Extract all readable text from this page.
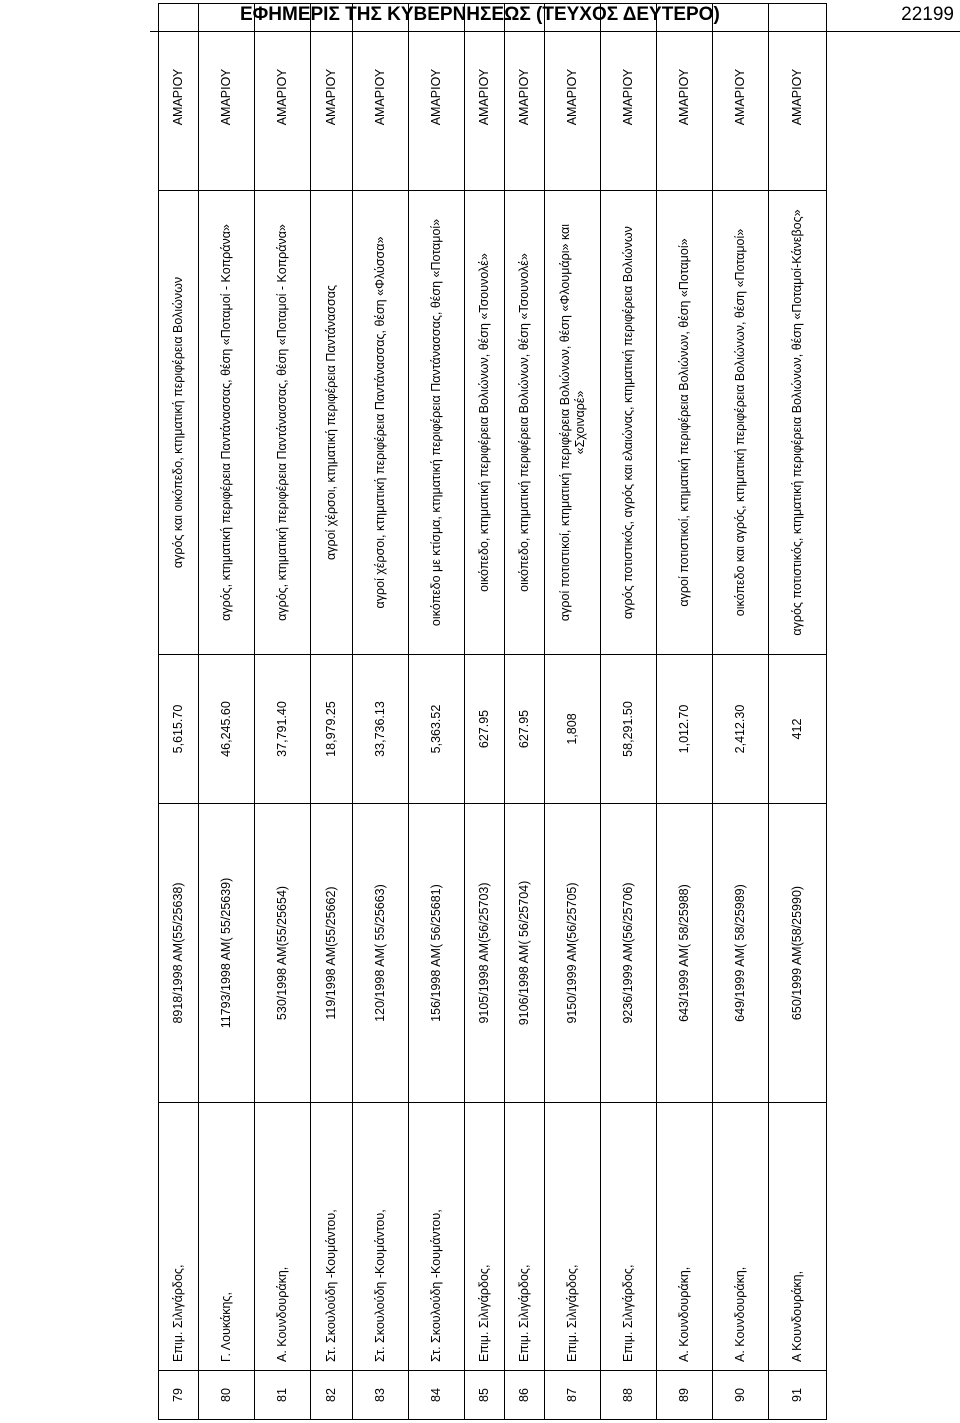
ΕΦΗΜΕΡΙΣ ΤΗΣ ΚΥΒΕΡΝΗΣΕΩΣ (ΤΕΥΧΟΣ ΔΕΥΤΕΡΟ)	22199
79	Επιμ. Σιλιγάρδος,	8918/1998 ΑΜ(55/25638)	5,615.70	αγρός και οικόπεδο, κτηματική περιφέρεια Βολιώνων	ΑΜΑΡΙΟΥ
80	Γ. Λουκάκης,	11793/1998 ΑΜ( 55/25639)	46,245.60	αγρός, κτηματική περιφέρεια Παντάνασσας, θέση «Ποταμοί - Κοπράνα»	ΑΜΑΡΙΟΥ
81	Α. Κουνδουράκη,	530/1998 ΑΜ(55/25654)	37,791.40	αγρός, κτηματική περιφέρεια Παντάνασσας, θέση «Ποταμοί - Κοπράνα»	ΑΜΑΡΙΟΥ
82	Στ. Σκουλούδη -Κουμάντου,	119/1998 ΑΜ(55/25662)	18,979.25	αγροί χέρσοι, κτηματική περιφέρεια Παντάνασσας	ΑΜΑΡΙΟΥ
83	Στ. Σκουλούδη -Κουμάντου,	120/1998 ΑΜ( 55/25663)	33,736.13	αγροί χέρσοι, κτηματική περιφέρεια Παντάνασσας, θέση «Φλύσσα»	ΑΜΑΡΙΟΥ
84	Στ. Σκουλούδη -Κουμάντου,	156/1998 ΑΜ( 56/25681)	5,363.52	οικόπεδο με κτίσμα, κτηματική περιφέρεια Παντάνασσας, θέση «Ποταμοί»	ΑΜΑΡΙΟΥ
85	Επιμ. Σιλιγάρδος,	9105/1998 ΑΜ(56/25703)	627.95	οικόπεδο, κτηματική περιφέρεια Βολιώνων, θέση «Τσουνολέ»	ΑΜΑΡΙΟΥ
86	Επιμ. Σιλιγάρδος,	9106/1998 ΑΜ( 56/25704)	627.95	οικόπεδο, κτηματική περιφέρεια Βολιώνων, θέση «Τσουνολέ»	ΑΜΑΡΙΟΥ
87	Επιμ. Σιλιγάρδος,	9150/1999 ΑΜ(56/25705)	1,808	αγροί ποτιστικοί, κτηματική περιφέρεια Βολιώνων, θέση «Φλουμάρι» και «Σχοιναρέ»	ΑΜΑΡΙΟΥ
88	Επιμ. Σιλιγάρδος,	9236/1999 ΑΜ(56/25706)	58,291.50	αγρός ποτιστικός, αγρός και ελαιώνας, κτηματική περιφέρεια Βολιώνων	ΑΜΑΡΙΟΥ
89	Α. Κουνδουράκη,	643/1999 ΑΜ( 58/25988)	1,012.70	αγροί ποτιστικοί, κτηματική περιφέρεια Βολιώνων, θέση «Ποταμοί»	ΑΜΑΡΙΟΥ
90	Α. Κουνδουράκη,	649/1999 ΑΜ( 58/25989)	2,412.30	οικόπεδο και αγρός, κτηματική περιφέρεια Βολιώνων, θέση «Ποταμοί»	ΑΜΑΡΙΟΥ
91	Α Κουνδουράκη,	650/1999 ΑΜ(58/25990)	412	αγρός ποτιστικός, κτηματική περιφέρεια Βολιώνων, θέση «Ποταμοί-Κάνεβος»	ΑΜΑΡΙΟΥ
